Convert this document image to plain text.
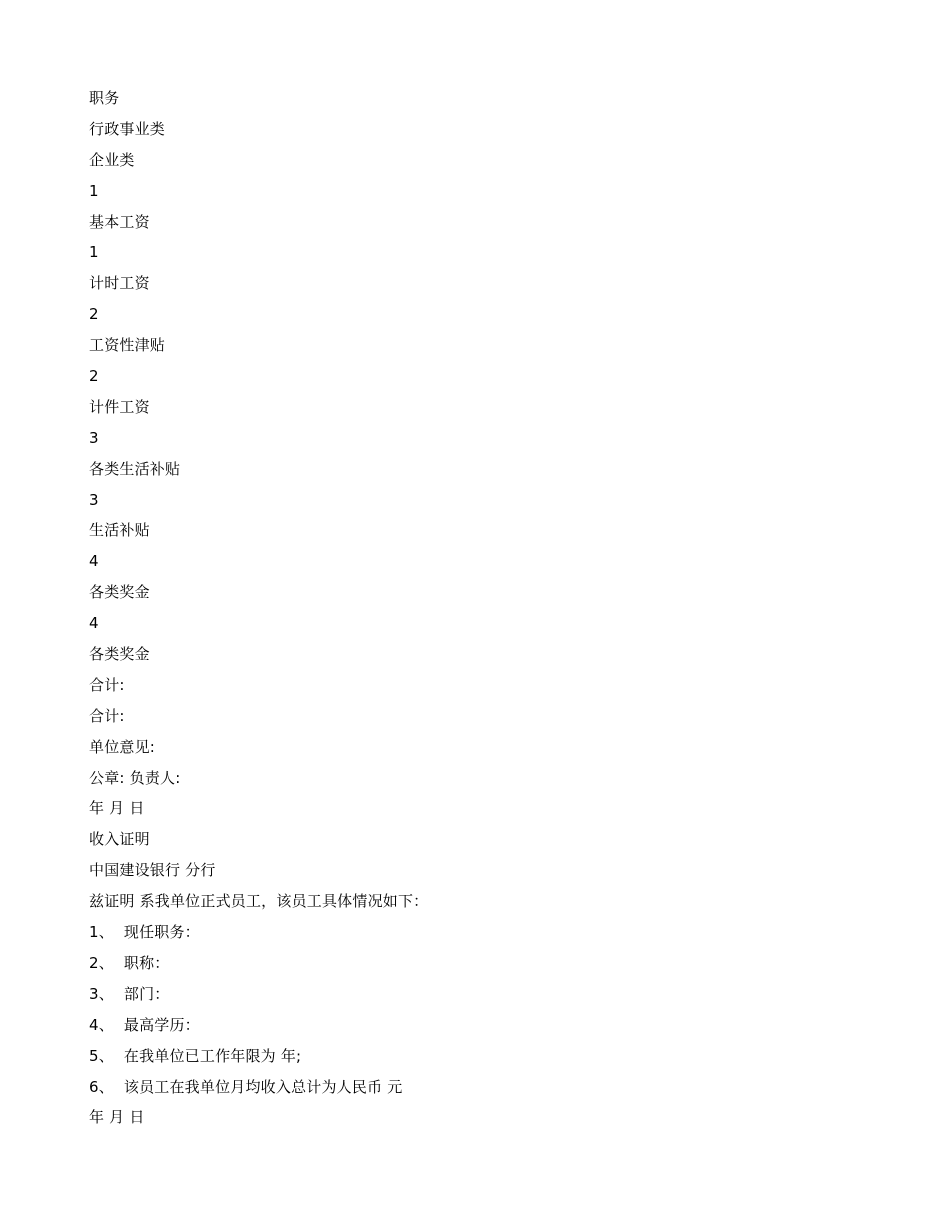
职务
行政事业类
企业类
1
基本工资
1
计时工资
2
工资性津贴
2
计件工资
3
各类生活补贴
3
生活补贴
4
各类奖金
4
各类奖金
合计:
合计:
单位意见:
公章: 负责人:
年 月 日
收入证明
中国建设银行 分行
兹证明 系我单位正式员工，该员工具体情况如下：
1、  现任职务：
2、  职称：
3、  部门：
4、  最高学历：
5、  在我单位已工作年限为 年;
6、  该员工在我单位月均收入总计为人民币 元
年 月 日
